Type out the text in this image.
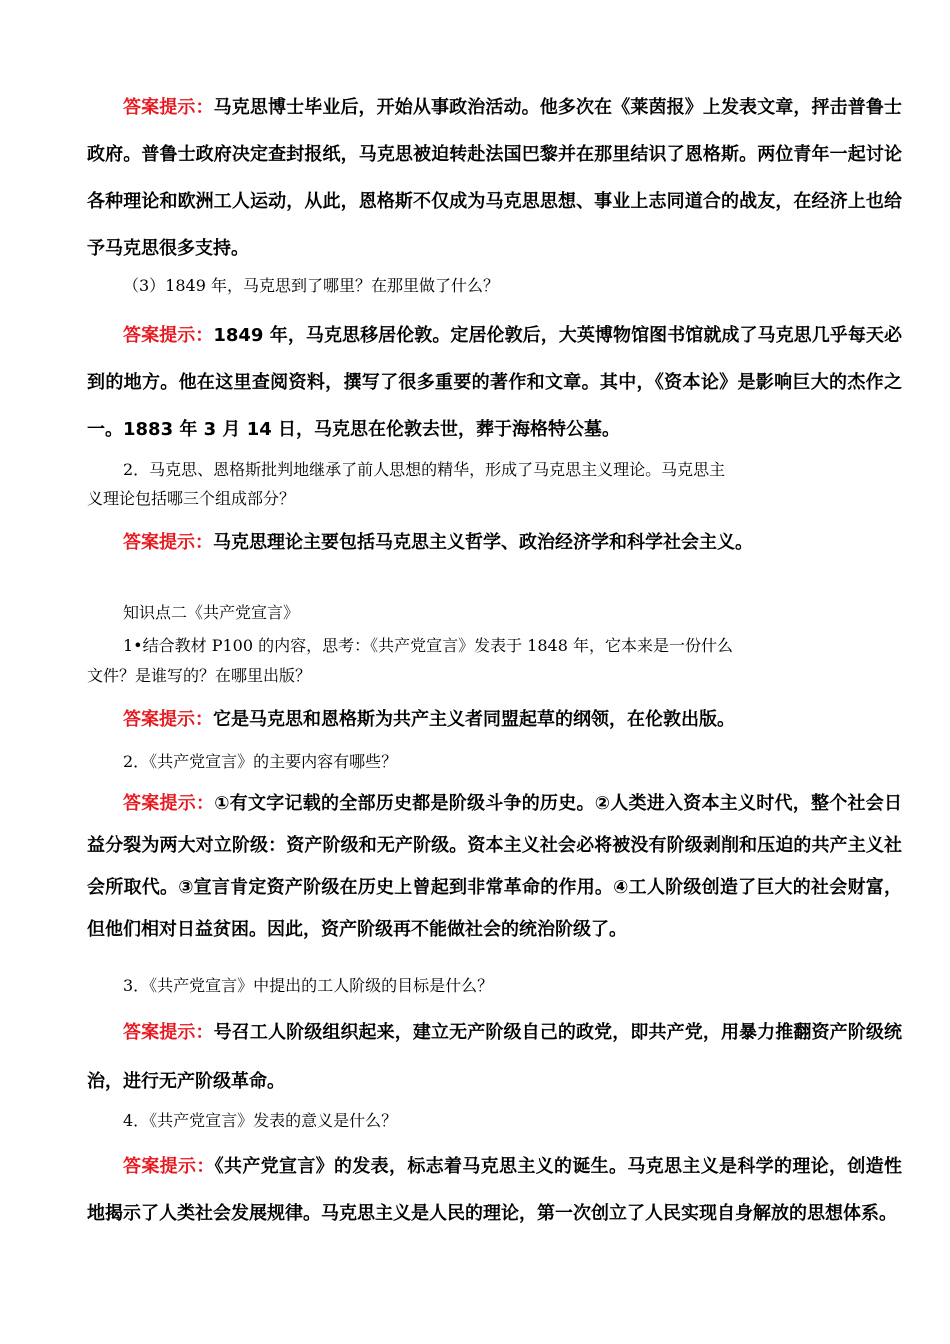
答案提示：马克思博士毕业后，开始从事政治活动。他多次在《莱茵报》上发表文章，抨击普鲁士政府。普鲁士政府决定查封报纸，马克思被迫转赴法国巴黎并在那里结识了恩格斯。两位青年一起讨论各种理论和欧洲工人运动，从此，恩格斯不仅成为马克思思想、事业上志同道合的战友，在经济上也给予马克思很多支持。

（3）1849 年，马克思到了哪里？在那里做了什么？

答案提示：1849 年，马克思移居伦敦。定居伦敦后，大英博物馆图书馆就成了马克思几乎每天必到的地方。他在这里查阅资料，撰写了很多重要的著作和文章。其中，《资本论》是影响巨大的杰作之一。1883 年 3 月 14 日，马克思在伦敦去世，葬于海格特公墓。

2．马克思、恩格斯批判地继承了前人思想的精华，形成了马克思主义理论。马克思主
义理论包括哪三个组成部分？

答案提示：马克思理论主要包括马克思主义哲学、政治经济学和科学社会主义。

知识点二《共产党宣言》

1•结合教材 P100 的内容，思考：《共产党宣言》发表于 1848 年，它本来是一份什么
文件？是谁写的？在哪里出版？

答案提示：它是马克思和恩格斯为共产主义者同盟起草的纲领，在伦敦出版。

2．《共产党宣言》的主要内容有哪些？

答案提示：①有文字记载的全部历史都是阶级斗争的历史。②人类进入资本主义时代，整个社会日益分裂为两大对立阶级：资产阶级和无产阶级。资本主义社会必将被没有阶级剥削和压迫的共产主义社会所取代。③宣言肯定资产阶级在历史上曾起到非常革命的作用。④工人阶级创造了巨大的社会财富，但他们相对日益贫困。因此，资产阶级再不能做社会的统治阶级了。

3．《共产党宣言》中提出的工人阶级的目标是什么？

答案提示：号召工人阶级组织起来，建立无产阶级自己的政党，即共产党，用暴力推翻资产阶级统治，进行无产阶级革命。

4．《共产党宣言》发表的意义是什么？

答案提示：《共产党宣言》的发表，标志着马克思主义的诞生。马克思主义是科学的理论，创造性地揭示了人类社会发展规律。马克思主义是人民的理论，第一次创立了人民实现自身解放的思想体系。
